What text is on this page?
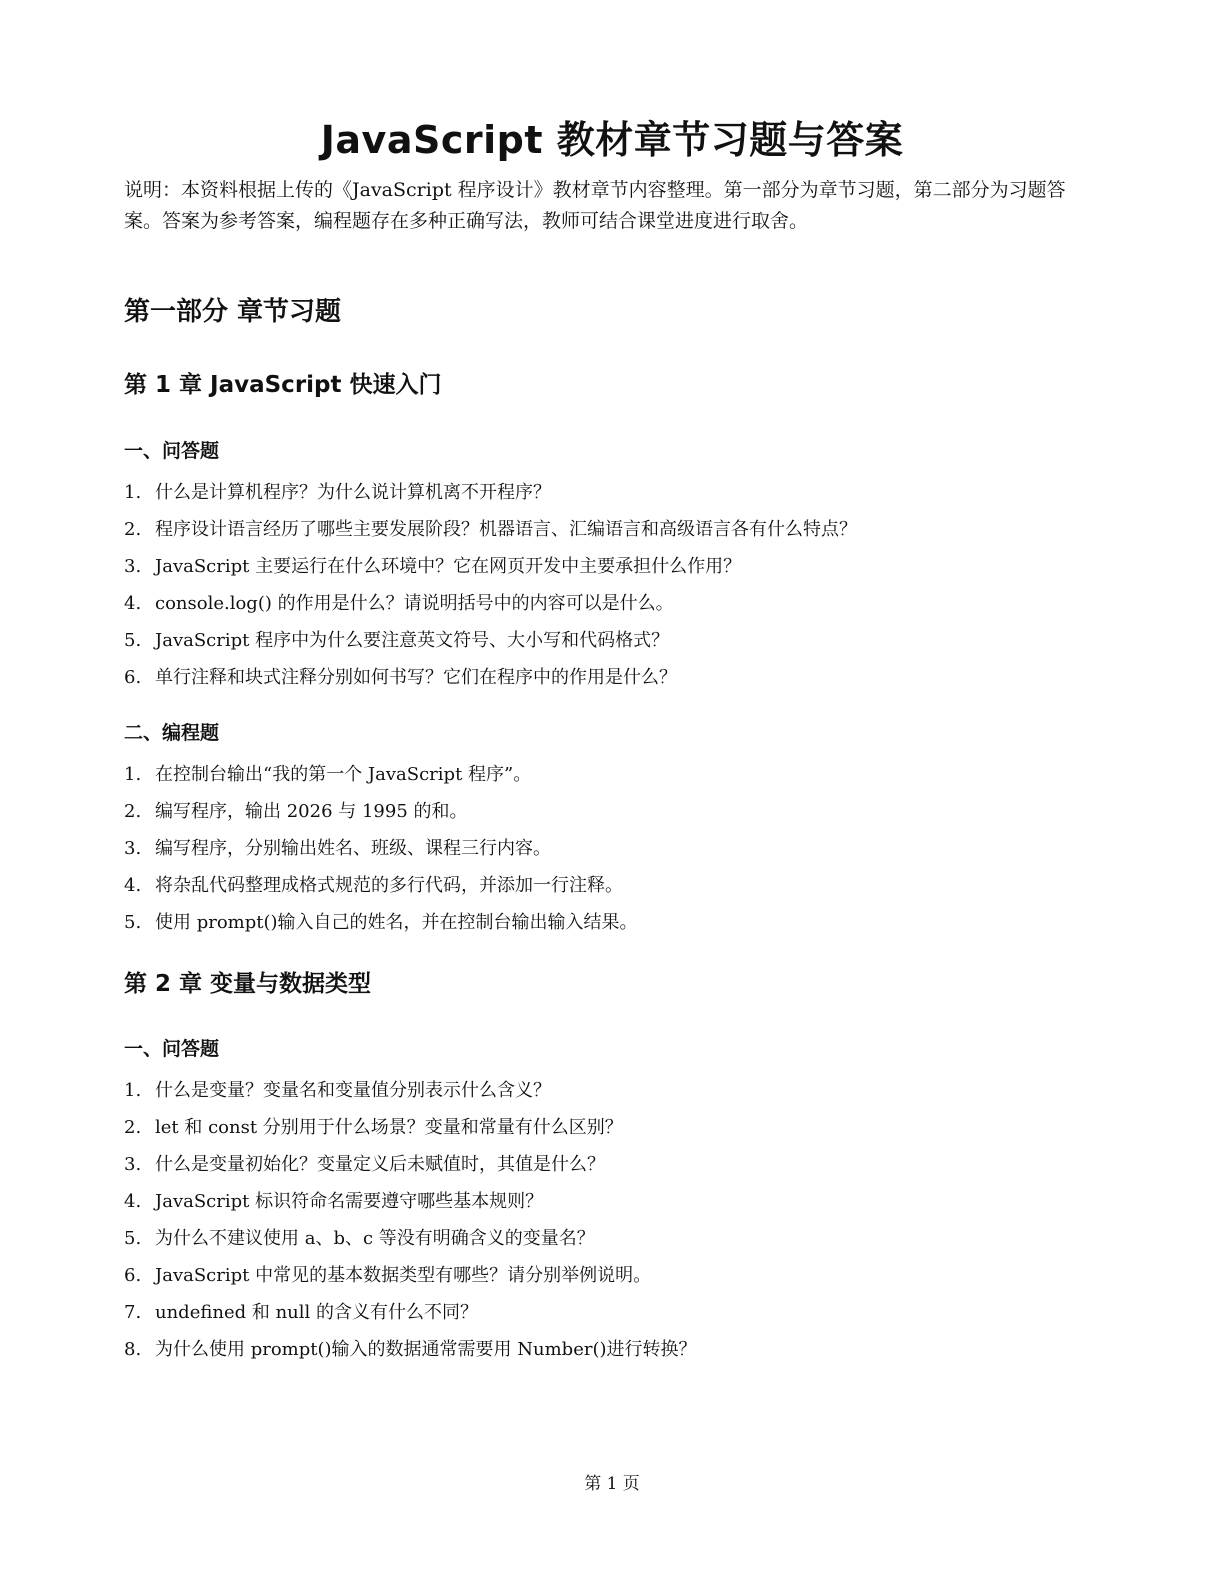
JavaScript 教材章节习题与答案
说明：本资料根据上传的《JavaScript 程序设计》教材章节内容整理。第一部分为章节习题，第二部分为习题答案。答案为参考答案，编程题存在多种正确写法，教师可结合课堂进度进行取舍。
第一部分 章节习题
第 1 章 JavaScript 快速入门
一、问答题
1. 什么是计算机程序？为什么说计算机离不开程序？
2. 程序设计语言经历了哪些主要发展阶段？机器语言、汇编语言和高级语言各有什么特点？
3. JavaScript 主要运行在什么环境中？它在网页开发中主要承担什么作用？
4. console.log() 的作用是什么？请说明括号中的内容可以是什么。
5. JavaScript 程序中为什么要注意英文符号、大小写和代码格式？
6. 单行注释和块式注释分别如何书写？它们在程序中的作用是什么？
二、编程题
1. 在控制台输出“我的第一个 JavaScript 程序”。
2. 编写程序，输出 2026 与 1995 的和。
3. 编写程序，分别输出姓名、班级、课程三行内容。
4. 将杂乱代码整理成格式规范的多行代码，并添加一行注释。
5. 使用 prompt()输入自己的姓名，并在控制台输出输入结果。
第 2 章 变量与数据类型
一、问答题
1. 什么是变量？变量名和变量值分别表示什么含义？
2. let 和 const 分别用于什么场景？变量和常量有什么区别？
3. 什么是变量初始化？变量定义后未赋值时，其值是什么？
4. JavaScript 标识符命名需要遵守哪些基本规则？
5. 为什么不建议使用 a、b、c 等没有明确含义的变量名？
6. JavaScript 中常见的基本数据类型有哪些？请分别举例说明。
7. undefined 和 null 的含义有什么不同？
8. 为什么使用 prompt()输入的数据通常需要用 Number()进行转换？
第 1 页
